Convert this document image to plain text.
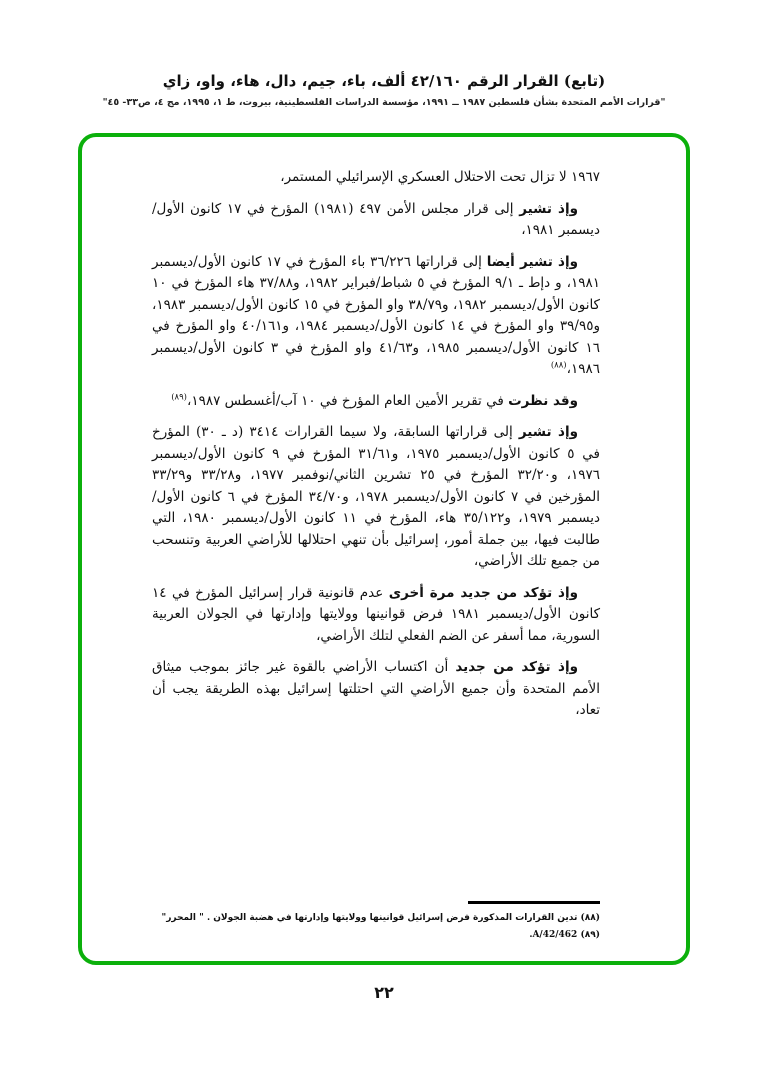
(تابع) القرار الرقم ٤٢/١٦٠ ألف، باء، جيم، دال، هاء، واو، زاي
"قرارات الأمم المتحدة بشأن فلسطين ١٩٨٧ ــ ١٩٩١، مؤسسة الدراسات الفلسطينية، بيروت، ط ١، ١٩٩٥، مج ٤، ص٣٣- ٤٥"

١٩٦٧ لا تزال تحت الاحتلال العسكري الإسرائيلي المستمر،

وإذ تشير إلى قرار مجلس الأمن ٤٩٧ (١٩٨١) المؤرخ في ١٧ كانون الأول/ديسمبر ١٩٨١،

وإذ تشير أيضا إلى قراراتها ٣٦/٢٢٦ باء المؤرخ في ١٧ كانون الأول/ديسمبر ١٩٨١، و دإط ـ ٩/١ المؤرخ في ٥ شباط/فبراير ١٩٨٢، و٣٧/٨٨ هاء المؤرخ في ١٠ كانون الأول/ديسمبر ١٩٨٢، و٣٨/٧٩ واو المؤرخ في ١٥ كانون الأول/ديسمبر ١٩٨٣، و٣٩/٩٥ واو المؤرخ في ١٤ كانون الأول/ديسمبر ١٩٨٤، و٤٠/١٦١ واو المؤرخ في ١٦ كانون الأول/ديسمبر ١٩٨٥، و٤١/٦٣ واو المؤرخ في ٣ كانون الأول/ديسمبر ١٩٨٦،$^{(٨٨)}$

وقد نظرت في تقرير الأمين العام المؤرخ في ١٠ آب/أغسطس ١٩٨٧،$^{(٨٩)}$

وإذ تشير إلى قراراتها السابقة، ولا سيما القرارات ٣٤١٤ (د ـ ٣٠) المؤرخ في ٥ كانون الأول/ديسمبر ١٩٧٥، و٣١/٦١ المؤرخ في ٩ كانون الأول/ديسمبر ١٩٧٦، و٣٢/٢٠ المؤرخ في ٢٥ تشرين الثاني/نوفمبر ١٩٧٧، و٣٣/٢٨ و٣٣/٢٩ المؤرخين في ٧ كانون الأول/ديسمبر ١٩٧٨، و٣٤/٧٠ المؤرخ في ٦ كانون الأول/ديسمبر ١٩٧٩، و٣٥/١٢٢ هاء، المؤرخ في ١١ كانون الأول/ديسمبر ١٩٨٠، التي طالبت فيها، بين جملة أمور، إسرائيل بأن تنهي احتلالها للأراضي العربية وتنسحب من جميع تلك الأراضي،

وإذ تؤكد من جديد مرة أخرى عدم قانونية قرار إسرائيل المؤرخ في ١٤ كانون الأول/ديسمبر ١٩٨١ فرض قوانينها وولايتها وإدارتها في الجولان العربية السورية، مما أسفر عن الضم الفعلي لتلك الأراضي،

وإذ تؤكد من جديد أن اكتساب الأراضي بالقوة غير جائز بموجب ميثاق الأمم المتحدة وأن جميع الأراضي التي احتلتها إسرائيل بهذه الطريقة يجب أن تعاد،

(٨٨) تدين القرارات المذكورة فرض إسرائيل قوانينها وولايتها وإدارتها في هضبة الجولان . " المحرر"
(٨٩) A/42/462.
٢٢
